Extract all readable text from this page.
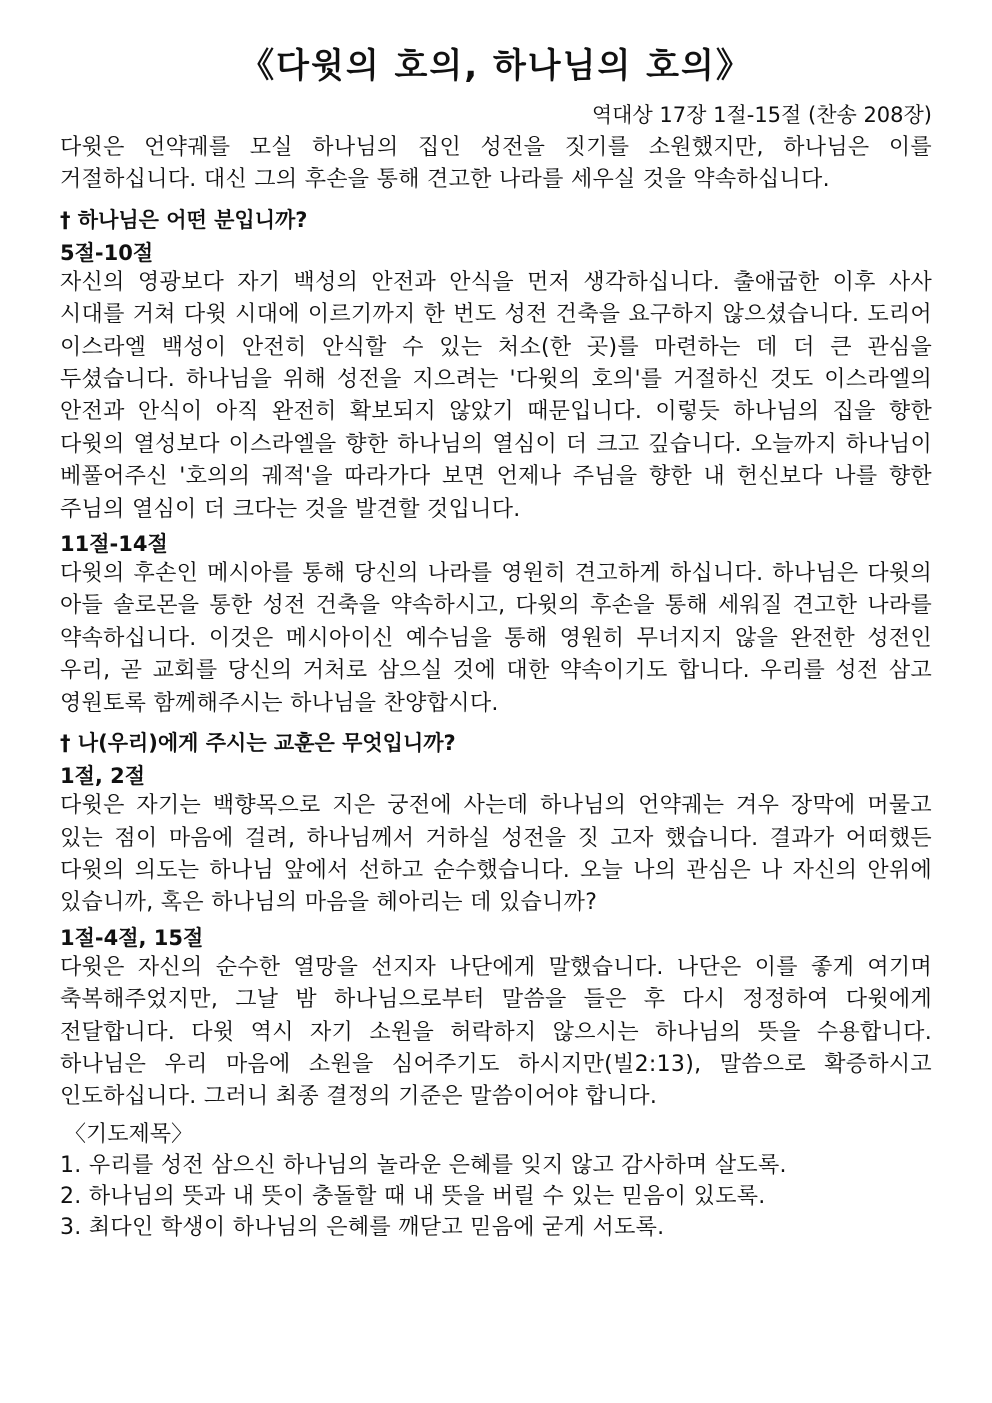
《다윗의 호의, 하나님의 호의》
역대상 17장 1절-15절 (찬송 208장)

다윗은 언약궤를 모실 하나님의 집인 성전을 짓기를 소원했지만, 하나님은 이를 거절하십니다. 대신 그의 후손을 통해 견고한 나라를 세우실 것을 약속하십니다.

† 하나님은 어떤 분입니까?
5절-10절

자신의 영광보다 자기 백성의 안전과 안식을 먼저 생각하십니다. 출애굽한 이후 사사 시대를 거쳐 다윗 시대에 이르기까지 한 번도 성전 건축을 요구하지 않으셨습니다. 도리어 이스라엘 백성이 안전히 안식할 수 있는 처소(한 곳)를 마련하는 데 더 큰 관심을 두셨습니다. 하나님을 위해 성전을 지으려는 '다윗의 호의'를 거절하신 것도 이스라엘의 안전과 안식이 아직 완전히 확보되지 않았기 때문입니다. 이렇듯 하나님의 집을 향한 다윗의 열성보다 이스라엘을 향한 하나님의 열심이 더 크고 깊습니다. 오늘까지 하나님이 베풀어주신 '호의의 궤적'을 따라가다 보면 언제나 주님을 향한 내 헌신보다 나를 향한 주님의 열심이 더 크다는 것을 발견할 것입니다.

11절-14절

다윗의 후손인 메시아를 통해 당신의 나라를 영원히 견고하게 하십니다. 하나님은 다윗의 아들 솔로몬을 통한 성전 건축을 약속하시고, 다윗의 후손을 통해 세워질 견고한 나라를 약속하십니다. 이것은 메시아이신 예수님을 통해 영원히 무너지지 않을 완전한 성전인 우리, 곧 교회를 당신의 거처로 삼으실 것에 대한 약속이기도 합니다. 우리를 성전 삼고 영원토록 함께해주시는 하나님을 찬양합시다.

† 나(우리)에게 주시는 교훈은 무엇입니까?
1절, 2절

다윗은 자기는 백향목으로 지은 궁전에 사는데 하나님의 언약궤는 겨우 장막에 머물고 있는 점이 마음에 걸려, 하나님께서 거하실 성전을 짓 고자 했습니다. 결과가 어떠했든 다윗의 의도는 하나님 앞에서 선하고 순수했습니다. 오늘 나의 관심은 나 자신의 안위에 있습니까, 혹은 하나님의 마음을 헤아리는 데 있습니까?

1절-4절, 15절

다윗은 자신의 순수한 열망을 선지자 나단에게 말했습니다. 나단은 이를 좋게 여기며 축복해주었지만, 그날 밤 하나님으로부터 말씀을 들은 후 다시 정정하여 다윗에게 전달합니다. 다윗 역시 자기 소원을 허락하지 않으시는 하나님의 뜻을 수용합니다. 하나님은 우리 마음에 소원을 심어주기도 하시지만(빌2:13), 말씀으로 확증하시고 인도하십니다. 그러니 최종 결정의 기준은 말씀이어야 합니다.

〈기도제목〉
1. 우리를 성전 삼으신 하나님의 놀라운 은혜를 잊지 않고 감사하며 살도록.
2. 하나님의 뜻과 내 뜻이 충돌할 때 내 뜻을 버릴 수 있는 믿음이 있도록.
3. 최다인 학생이 하나님의 은혜를 깨닫고 믿음에 굳게 서도록.
